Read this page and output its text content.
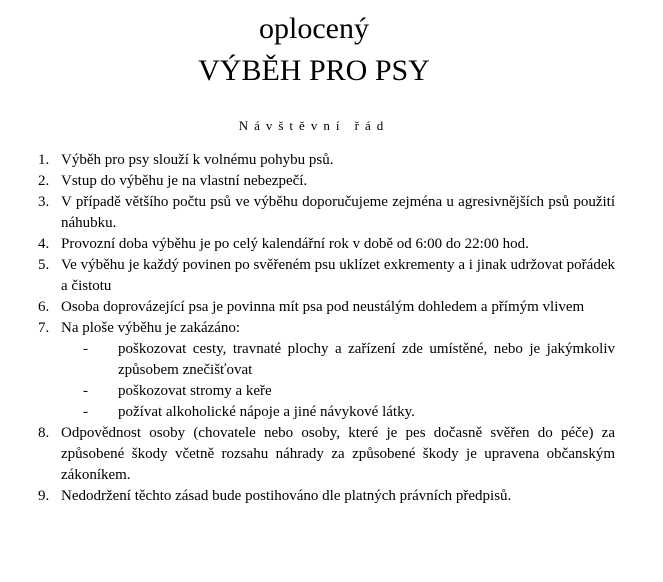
oplocený
VÝBĚH PRO PSY
Návštěvní řád
1. Výběh pro psy slouží k volnému pohybu psů.
2. Vstup do výběhu je na vlastní nebezpečí.
3. V případě většího počtu psů ve výběhu doporučujeme zejména u agresivnějších psů použití náhubku.
4. Provozní doba výběhu je po celý kalendářní rok v době od 6:00 do 22:00 hod.
5. Ve výběhu je každý povinen po svěřeném psu uklízet exkrementy a i jinak udržovat pořádek a čistotu
6. Osoba doprovázející psa je povinna mít psa pod neustálým dohledem a přímým vlivem
7. Na ploše výběhu je zakázáno:
- poškozovat cesty, travnaté plochy a zařízení zde umístěné, nebo je jakýmkoliv způsobem znečišťovat
- poškozovat stromy a keře
- požívat alkoholické nápoje a jiné návykové látky.
8. Odpovědnost osoby (chovatele nebo osoby, které je pes dočasně svěřen do péče) za způsobené škody včetně rozsahu náhrady za způsobené škody je upravena občanským zákoníkem.
9. Nedodržení těchto zásad bude postihováno dle platných právních předpisů.
